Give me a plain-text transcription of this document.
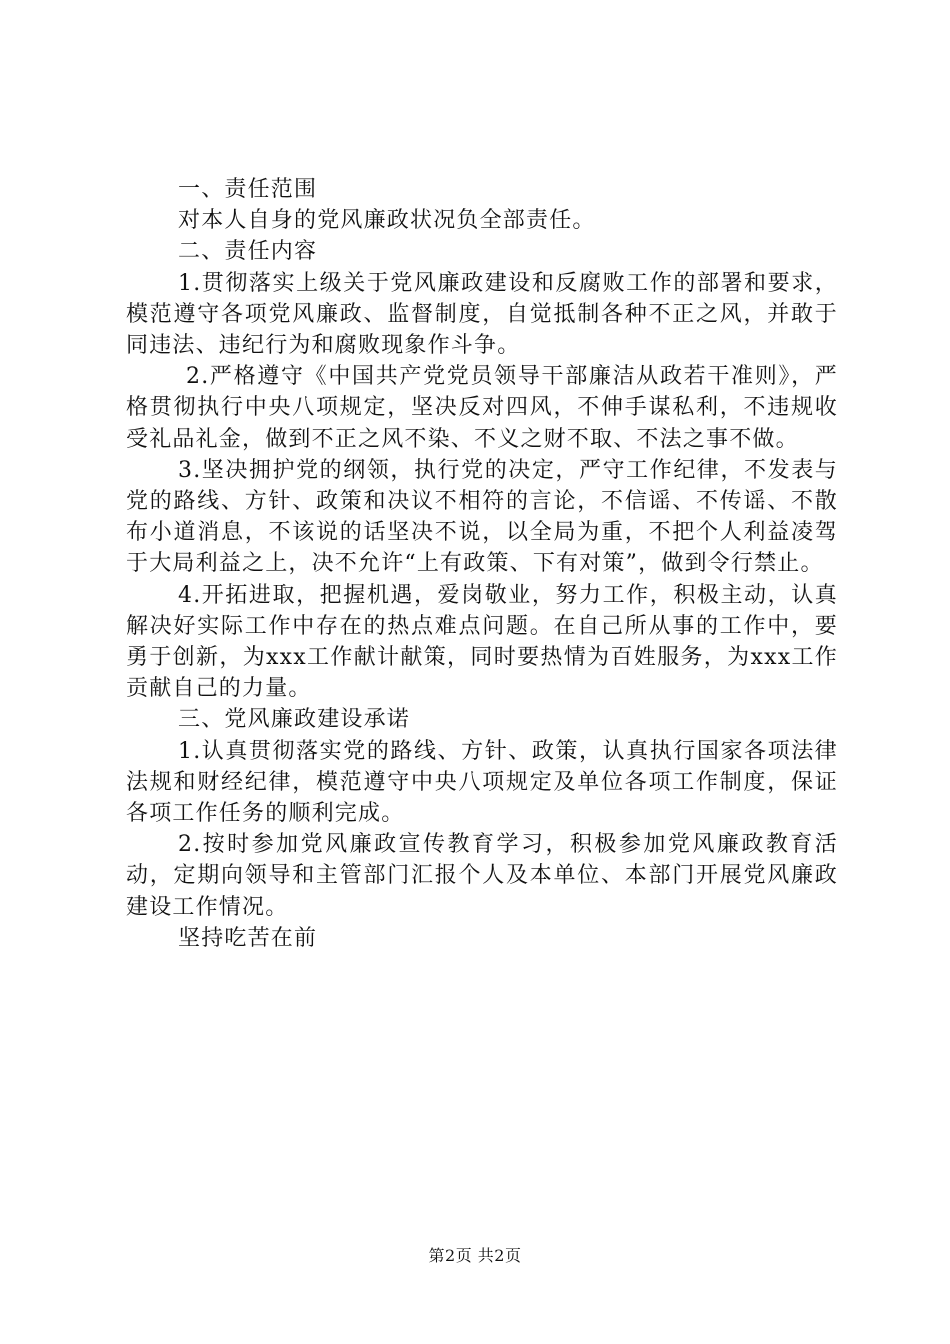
一、责任范围

对本人自身的党风廉政状况负全部责任。

二、责任内容

1.贯彻落实上级关于党风廉政建设和反腐败工作的部署和要求，模范遵守各项党风廉政、监督制度，自觉抵制各种不正之风，并敢于同违法、违纪行为和腐败现象作斗争。

2.严格遵守《中国共产党党员领导干部廉洁从政若干准则》，严格贯彻执行中央八项规定，坚决反对四风，不伸手谋私利，不违规收受礼品礼金，做到不正之风不染、不义之财不取、不法之事不做。

3.坚决拥护党的纲领，执行党的决定，严守工作纪律，不发表与党的路线、方针、政策和决议不相符的言论，不信谣、不传谣、不散布小道消息，不该说的话坚决不说，以全局为重，不把个人利益凌驾于大局利益之上，决不允许“上有政策、下有对策”，做到令行禁止。

4.开拓进取，把握机遇，爱岗敬业，努力工作，积极主动，认真解决好实际工作中存在的热点难点问题。在自己所从事的工作中，要勇于创新，为xxx工作献计献策，同时要热情为百姓服务，为xxx工作贡献自己的力量。

三、党风廉政建设承诺

1.认真贯彻落实党的路线、方针、政策，认真执行国家各项法律法规和财经纪律，模范遵守中央八项规定及单位各项工作制度，保证各项工作任务的顺利完成。

2.按时参加党风廉政宣传教育学习，积极参加党风廉政教育活动，定期向领导和主管部门汇报个人及本单位、本部门开展党风廉政建设工作情况。

坚持吃苦在前

第2页 共2页
